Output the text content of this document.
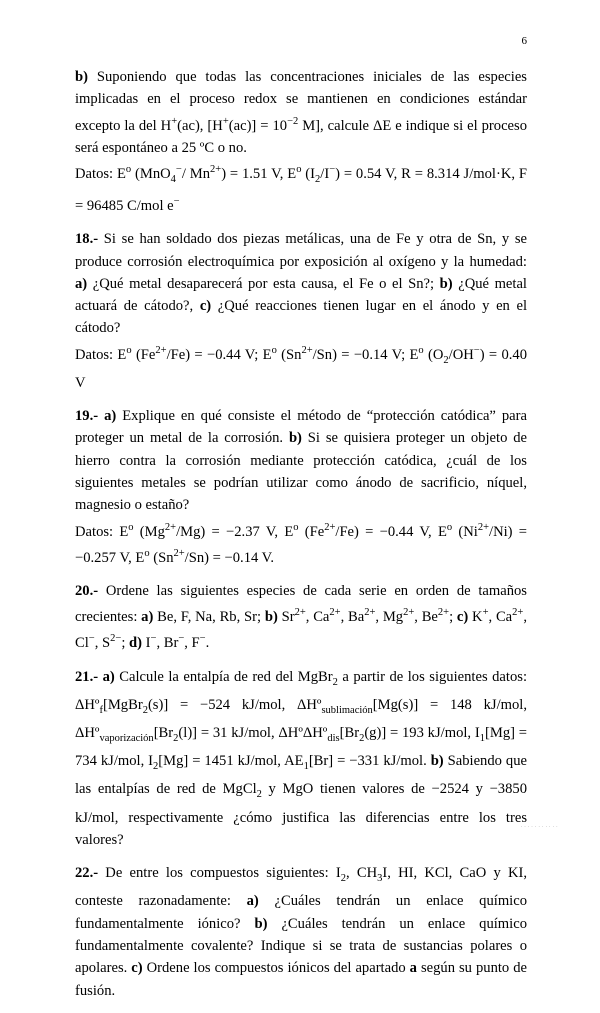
6

b) Suponiendo que todas las concentraciones iniciales de las especies implicadas en el proceso redox se mantienen en condiciones estándar excepto la del H+(ac), $[H^+(ac)] = 10^{-2}$ M], calcule ΔE e indique si el proceso será espontáneo a 25 ºC o no.

Datos: $E^o$ (MnO$_4$−/ $Mn^{2+}) = 1.51$ V, $E^o$ $(I_2/I^-) = 0.54$ V, R = 8.314 J/mol·K, F = 96485 C/mol e−

18.- Si se han soldado dos piezas metálicas, una de Fe y otra de Sn, y se produce corrosión electroquímica por exposición al oxígeno y la humedad: a) ¿Qué metal desaparecerá por esta causa, el Fe o el Sn?; b) ¿Qué metal actuará de cátodo?, c) ¿Qué reacciones tienen lugar en el ánodo y en el cátodo?

Datos: $E^o$ $(Fe^{2+}/Fe) = -0.44$ V; $E^o$ $(Sn^{2+}/Sn) = -0.14$ V; $E^o$ $(O_2/OH^-) = 0.40$ V

19.- a) Explique en qué consiste el método de “protección catódica” para proteger un metal de la corrosión. b) Si se quisiera proteger un objeto de hierro contra la corrosión mediante protección catódica, ¿cuál de los siguientes metales se podrían utilizar como ánodo de sacrificio, níquel, magnesio o estaño?

Datos: $E^o$ $(Mg^{2+}/Mg) = -2.37$ V, $E^o$ $(Fe^{2+}/Fe) = -0.44$ V, $E^o$ $(Ni^{2+}/Ni) = -0.257$ V, $E^o$ $(Sn^{2+}/Sn) = -0.14$ V.

20.- Ordene las siguientes especies de cada serie en orden de tamaños crecientes: a) Be, F, Na, Rb, Sr; b) $Sr^{2+}$, $Ca^{2+}$, $Ba^{2+}$, $Mg^{2+}$, $Be^{2+}$; c) K+, $Ca^{2+}$, Cl−, $S^{2-}$; d) I−, Br−, F−.

21.- a) Calcule la entalpía de red del MgBr$_2$ a partir de los siguientes datos: ΔHº$_f$[MgBr$_2$(s)] = −524 kJ/mol, ΔHº$_{sublimación}$[Mg(s)] = 148 kJ/mol, $\Delta Hº_{vaporización}[Br_2(l)] = 31$ kJ/mol, $\Delta Hº\Delta Hº_{dis}[Br_2(g)] = 193$ kJ/mol, $I_1[Mg] = 734$ kJ/mol, $I_2[Mg] = 1451$ kJ/mol, $AE_1[Br] = -331$ kJ/mol. b) Sabiendo que las entalpías de red de MgCl$_2$ y MgO tienen valores de −2524 y −3850 kJ/mol, respectivamente ¿cómo justifica las diferencias entre los tres valores?

22.- De entre los compuestos siguientes: $I_2$, $CH_3I$, HI, KCl, CaO y KI, conteste razonadamente: a) ¿Cuáles tendrán un enlace químico fundamentalmente iónico? b) ¿Cuáles tendrán un enlace químico fundamentalmente covalente? Indique si se trata de sustancias polares o apolares. c) Ordene los compuestos iónicos del apartado a según su punto de fusión.

· · · · · · · · · · ·
